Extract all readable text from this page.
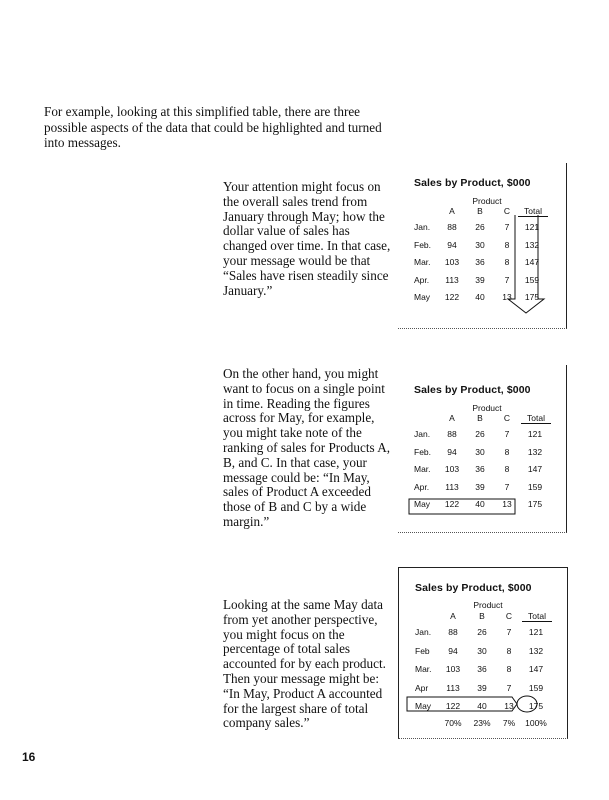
For example, looking at this simplified table, there are three possible aspects of the data that could be highlighted and turned into messages.

Your attention might focus on the overall sales trend from January through May; how the dollar value of sales has changed over time. In that case, your message would be that “Sales have risen steadily since January.”

On the other hand, you might want to focus on a single point in time. Reading the figures across for May, for example, you might take note of the ranking of sales for Products A, B, and C. In that case, your message could be: “In May, sales of Product A exceeded those of B and C by a wide margin.”

Looking at the same May data from yet another perspective, you might focus on the percentage of total sales accounted for by each product. Then your message might be: “In May, Product A accounted for the largest share of total company sales.”

16
Sales by Product, $000
Product
A	B	C	Total
Jan.	88	26	7	121
Feb.	94	30	8	132
Mar.	103	36	8	147
Apr.	113	39	7	159
May	122	40	13	175
Sales by Product, $000
Product
A	B	C	Total
Jan.	88	26	7	121
Feb.	94	30	8	132
Mar.	103	36	8	147
Apr.	113	39	7	159
May	122	40	13	175
Sales by Product, $000
Product
A	B	C	Total
Jan.	88	26	7	121
Feb	94	30	8	132
Mar.	103	36	8	147
Apr	113	39	7	159
May	122	40	13	175
70%	23%	7%	100%
